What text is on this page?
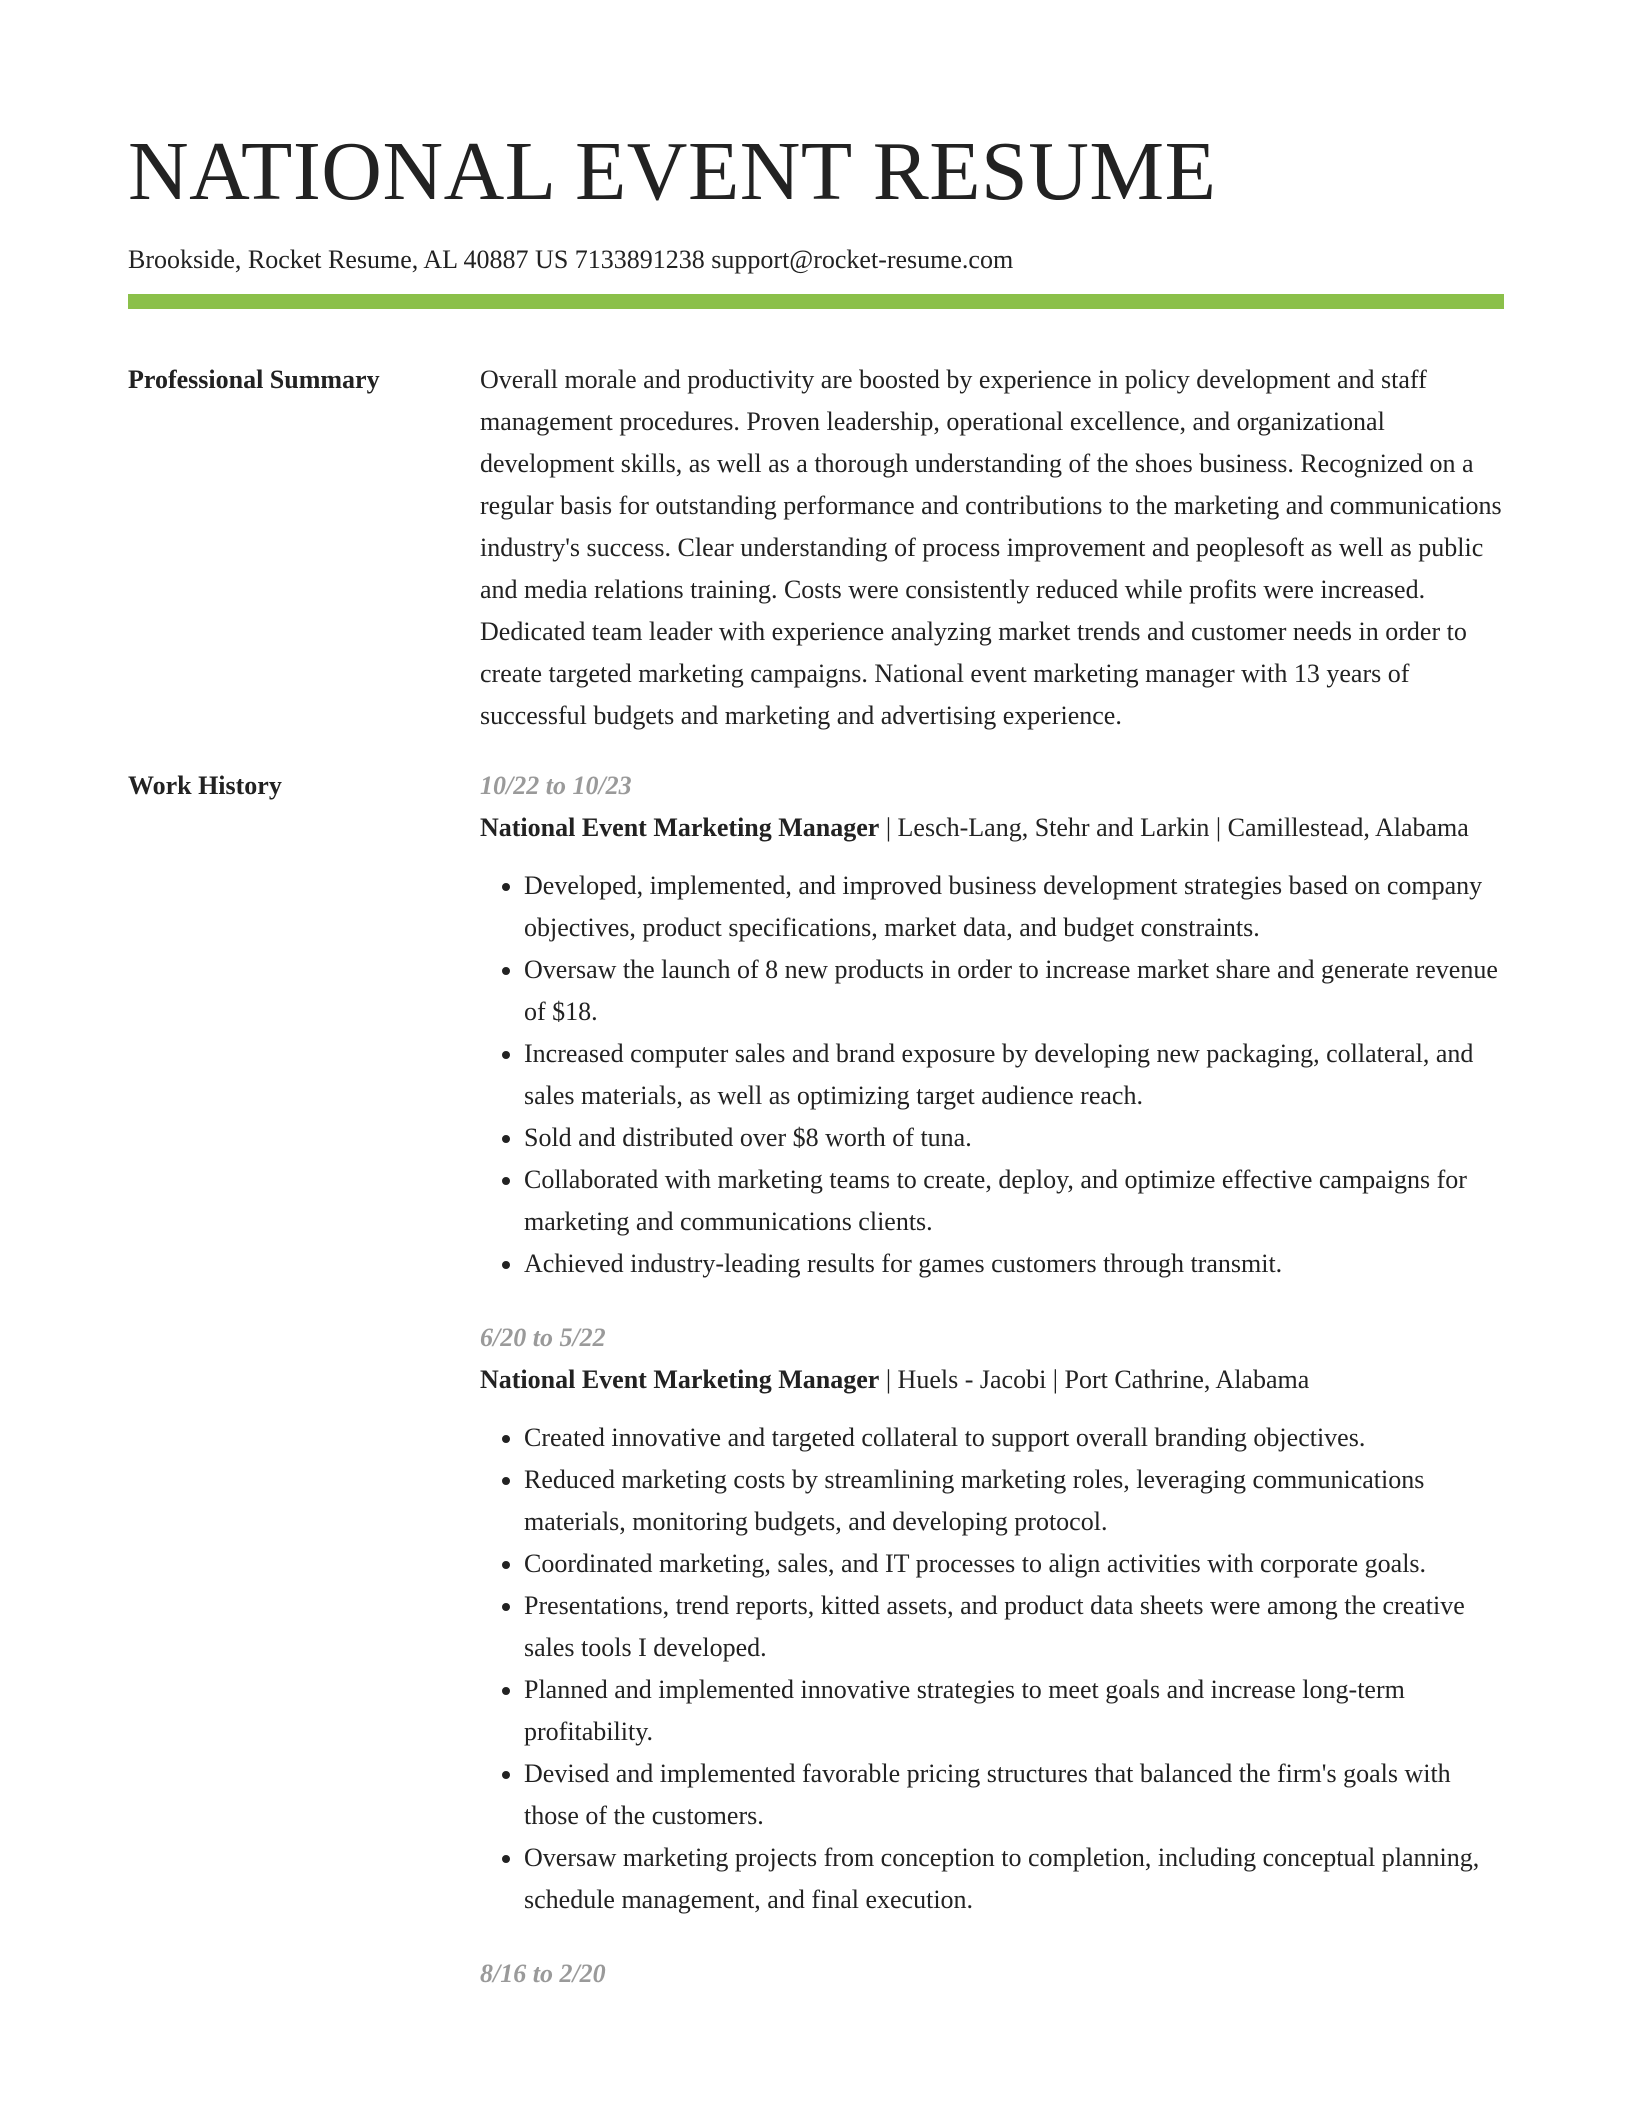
NATIONAL EVENT RESUME
Brookside, Rocket Resume, AL 40887 US 7133891238 support@rocket-resume.com
Professional Summary	Overall morale and productivity are boosted by experience in policy development and staff management procedures. Proven leadership, operational excellence, and organizational development skills, as well as a thorough understanding of the shoes business. Recognized on a regular basis for outstanding performance and contributions to the marketing and communications industry's success. Clear understanding of process improvement and peoplesoft as well as public and media relations training. Costs were consistently reduced while profits were increased. Dedicated team leader with experience analyzing market trends and customer needs in order to create targeted marketing campaigns. National event marketing manager with 13 years of successful budgets and marketing and advertising experience.

Work History	10/22 to 10/23
National Event Marketing Manager | Lesch-Lang, Stehr and Larkin | Camillestead, Alabama
• Developed, implemented, and improved business development strategies based on company objectives, product specifications, market data, and budget constraints.
• Oversaw the launch of 8 new products in order to increase market share and generate revenue of $18.
• Increased computer sales and brand exposure by developing new packaging, collateral, and sales materials, as well as optimizing target audience reach.
• Sold and distributed over $8 worth of tuna.
• Collaborated with marketing teams to create, deploy, and optimize effective campaigns for marketing and communications clients.
• Achieved industry-leading results for games customers through transmit.
6/20 to 5/22
National Event Marketing Manager | Huels - Jacobi | Port Cathrine, Alabama
• Created innovative and targeted collateral to support overall branding objectives.
• Reduced marketing costs by streamlining marketing roles, leveraging communications materials, monitoring budgets, and developing protocol.
• Coordinated marketing, sales, and IT processes to align activities with corporate goals.
• Presentations, trend reports, kitted assets, and product data sheets were among the creative sales tools I developed.
• Planned and implemented innovative strategies to meet goals and increase long-term profitability.
• Devised and implemented favorable pricing structures that balanced the firm's goals with those of the customers.
• Oversaw marketing projects from conception to completion, including conceptual planning, schedule management, and final execution.
8/16 to 2/20
